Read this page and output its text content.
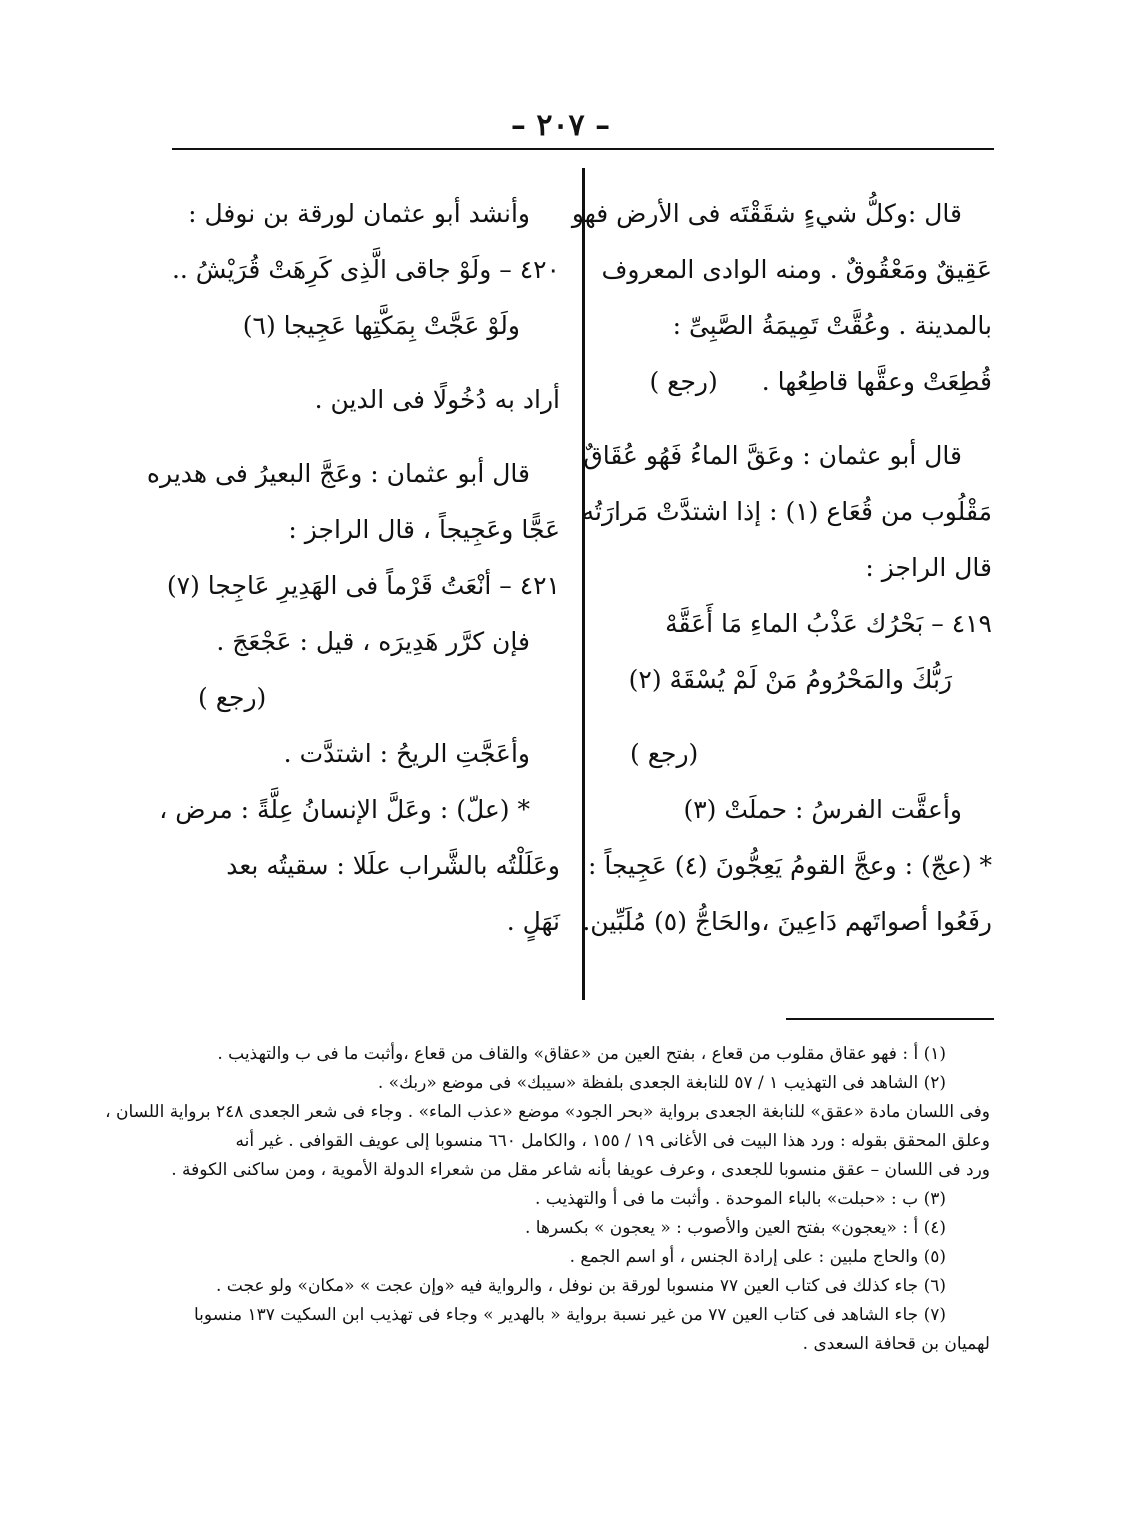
– ٢٠٧ –
قال :وكلُّ شيءٍ شقَقْتَه فى الأرض فهو
عَقِيقٌ ومَعْقُوقٌ . ومنه الوادى المعروف
بالمدينة . وعُقَّتْ تَمِيمَةُ الصَّبِىِّ :
قُطِعَتْ وعقَّها قاطِعُها . (رجع )
قال أبو عثمان : وعَقَّ الماءُ فَهُو عُقَاقٌ
مَقْلُوب من قُعَاع (١) : إذا اشتدَّتْ مَرارَتُه
قال الراجز :
٤١٩ – بَحْرُك عَذْبُ الماءِ مَا أَعَقَّهْ
رَبُّكَ والمَحْرُومُ مَنْ لَمْ يُسْقَهْ (٢)
(رجع )
وأعقَّت الفرسُ : حملَتْ (٣)
* (عجّ) : وعجَّ القومُ يَعِجُّونَ (٤) عَجِيجاً :
رفَعُوا أصواتَهم دَاعِينَ ،والحَاجُّ (٥) مُلَبِّين.
وأنشد أبو عثمان لورقة بن نوفل :
٤٢٠ – ولَوْ جاقى الَّذِى كَرِهَتْ قُرَيْشُ ..
ولَوْ عَجَّتْ بِمَكَّتِها عَجِيجا (٦)
أراد به دُخُولًا فى الدين .
قال أبو عثمان : وعَجَّ البعيرُ فى هديره
عَجًّا وعَجِيجاً ، قال الراجز :
٤٢١ – أنْعَتُ قَرْماً فى الهَدِيرِ عَاجِجا (٧)
فإن كرَّر هَدِيرَه ، قيل : عَجْعَجَ .
(رجع )
وأعَجَّتِ الريحُ : اشتدَّت .
* (علّ) : وعَلَّ الإنسانُ عِلَّةً : مرض ،
وعَلَلْتُه بالشَّراب علَلا : سقيتُه بعد
نَهَلٍ .
(١) أ : فهو عقاق مقلوب من قعاع ، بفتح العين من «عقاق» والقاف من قعاع ،وأثبت ما فى ب والتهذيب .
(٢) الشاهد فى التهذيب ١ / ٥٧ للنابغة الجعدى بلفظة «سيبك» فى موضع «ربك» .
وفى اللسان مادة «عقق» للنابغة الجعدى برواية «بحر الجود» موضع «عذب الماء» . وجاء فى شعر الجعدى ٢٤٨ برواية اللسان ،
وعلق المحقق بقوله : ورد هذا البيت فى الأغانى ١٩ / ١٥٥ ، والكامل ٦٦٠ منسوبا إلى عويف القوافى . غير أنه
ورد فى اللسان – عقق منسوبا للجعدى ، وعرف عويفا بأنه شاعر مقل من شعراء الدولة الأموية ، ومن ساكنى الكوفة .
(٣) ب : «حبلت» بالباء الموحدة . وأثبت ما فى أ والتهذيب .
(٤) أ : «يعجون» بفتح العين والأصوب : « يعجون » بكسرها .
(٥) والحاج ملبين : على إرادة الجنس ، أو اسم الجمع .
(٦) جاء كذلك فى كتاب العين ٧٧ منسوبا لورقة بن نوفل ، والرواية فيه «وإن عجت » «مكان» ولو عجت .
(٧) جاء الشاهد فى كتاب العين ٧٧ من غير نسبة برواية « بالهدير » وجاء فى تهذيب ابن السكيت ١٣٧ منسوبا
لهميان بن قحافة السعدى .
